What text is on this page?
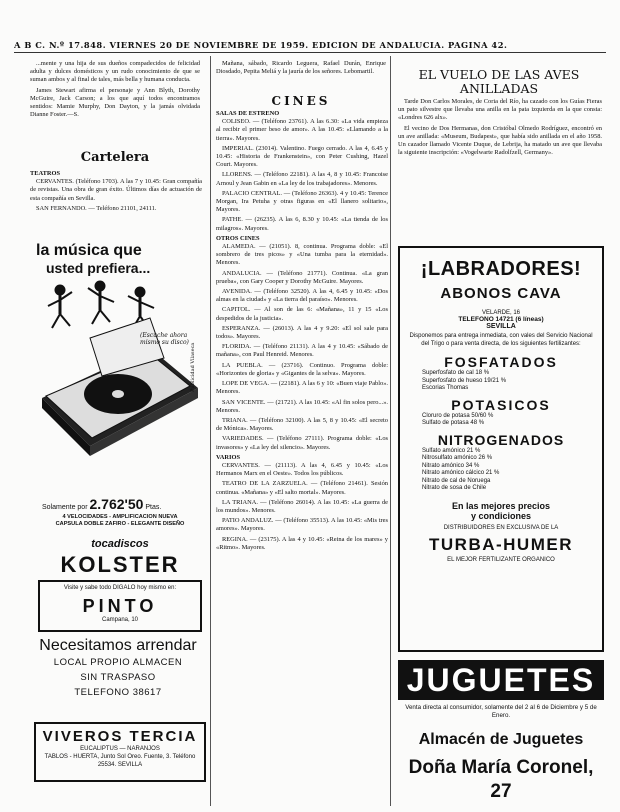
A B C. N.º 17.848. VIERNES 20 DE NOVIEMBRE DE 1959. EDICION DE ANDALUCIA. PAGINA 42.

...mente y una hija de sus dueños compadecidos de felicidad adulta y dulces domésticos y un rudo conocimiento de que se suman ambos y al final de tales, más bella y humana conducta.

James Stewart afirma el personaje y Ann Blyth, Dorothy McGuire, Jack Carson; a los que aquí todos encontramos sentidos: Mamie Murphy, Don Dayton, y la jamás olvidada Dianne Foster.—S.

Cartelera
TEATROS

CERVANTES. (Teléfono 1703). A las 7 y 10.45: Gran compañía de revistas. Una obra de gran éxito. Últimos días de actuación de esta compañía en Sevilla.

SAN FERNANDO. — Teléfono 21101, 24111.

la música que
usted prefiera...
(Escuche ahora mismo su disco)
Publicidad Vilaseca
Solamente por 2.762'50 Ptas.
4 VELOCIDADES - AMPLIFICACION NUEVA
CAPSULA DOBLE ZAFIRO - ELEGANTE DISEÑO
tocadiscos
KOLSTER
Visite y sabe todo DIGALO hoy mismo en:
PINTO
Campana, 10
Necesitamos arrendar
LOCAL PROPIO ALMACEN
SIN TRASPASO
TELEFONO 38617
VIVEROS TERCIA
EUCALIPTUS — NARANJOS
TABLOS - HUERTA, Junto Sol Oreo. Fuente, 3. Teléfono 25534. SEVILLA

Mañana, sábado, Ricardo Leguera, Rafael Durán, Enrique Diosdado, Pepita Meliá y la jauría de los señores. Lebomartil.

CINES
SALAS DE ESTRENO

COLISEO. — (Teléfono 23761). A las 6.30: «La vida empieza al recibir el primer beso de amor». A las 10.45: «Llamando a la tierra». Mayores.

IMPERIAL. (23014). Valentino. Fuego cerrado. A las 4, 6.45 y 10.45: «Historia de Frankenstein», con Peter Cushing, Hazel Court. Mayores.

LLORENS. — (Teléfono 22181). A las 4, 8 y 10.45: Francoise Arnoul y Jean Gabin en «La ley de los trabajadores». Menores.

PALACIO CENTRAL. — (Teléfono 26363). 4 y 10.45: Terence Morgan, Ira Petuha y otras figuras en «El llanero solitario», Mayores.

PATHE. — (26235). A las 6, 8.30 y 10.45: «La tienda de los milagros». Mayores.

OTROS CINES

ALAMEDA. — (21051). 8, continua. Programa doble: «El sombrero de tres picos» y «Una tumba para la eternidad». Menores.

ANDALUCIA. — (Teléfono 21771). Continua. «La gran prueba», con Gary Cooper y Dorothy McGuire. Mayores.

AVENIDA. — (Teléfono 32520). A las 4, 6.45 y 10.45: «Dos almas en la ciudad» y «La tierra del paraíso». Menores.

CAPITOL. — Al son de las 6: «Mañana», 11 y 15 «Los despedidos de la justicia».

ESPERANZA. — (26013). A las 4 y 9.20: «El sol sale para todos». Mayores.

FLORIDA. — (Teléfono 21131). A las 4 y 10.45: «Sábado de mañana», con Paul Henreid. Menores.

LA PUEBLA. — (23716). Continuo. Programa doble: «Horizontes de gloria» y «Gigantes de la selva». Mayores.

LOPE DE VEGA. — (22181). A las 6 y 10: «Buen viaje Pablo». Menores.

SAN VICENTE. — (21721). A las 10.45: «Al fin solos pero...». Menores.

TRIANA. — (Teléfono 32100). A las 5, 8 y 10.45: «El secreto de Mónica». Mayores.

VARIEDADES. — (Teléfono 27111). Programa doble: «Los invasores» y «La ley del silencio». Mayores.

VARIOS

CERVANTES. — (21113). A las 4, 6.45 y 10.45: «Los Hermanos Marx en el Oeste». Todos los públicos.

TEATRO DE LA ZARZUELA. — (Teléfono 21461). Sesión continua. «Mañana» y «El salto mortal». Mayores.

LA TRIANA. — (Teléfono 26014). A las 10.45: «La guerra de los mundos». Menores.

PATIO ANDALUZ. — (Teléfono 35513). A las 10.45: «Mis tres amores». Mayores.

REGINA. — (23175). A las 4 y 10.45: «Reina de los mares» y «Ritmo». Mayores.

EL VUELO DE LAS AVES ANILLADAS

Tarde Don Carlos Morales, de Coria del Río, ha cazado con los Guías Fieras un pato silvestre que llevaba una anilla en la pata izquierda en la que consta: «Londres 626 alx».

El vecino de Dos Hermanas, don Cristóbal Olmedo Rodríguez, encontró en un ave anillada: «Museum, Budapest», que había sido anillada en el año 1958. Un cazador llamado Vicente Duque, de Lebrija, ha matado un ave que llevaba la siguiente inscripción: «Vogelwarte Radolfzell, Germany».

¡LABRADORES!
ABONOS CAVA
VELARDE, 16
TELEFONO 14721 (6 líneas)
SEVILLA
Disponemos para entrega inmediata, con vales del Servicio Nacional del Trigo o para venta directa, de los siguientes fertilizantes:
FOSFATADOS
Superfosfato de cal 18 %
Superfosfato de hueso 19/21 %
Escorias Thomas
POTASICOS
Cloruro de potasa 50/60 %
Sulfato de potasa 48 %
NITROGENADOS
Sulfato amónico 21 %
Nitrosulfato amónico 26 %
Nitrato amónico 34 %
Nitrato amónico cálcico 21 %
Nitrato de cal de Noruega
Nitrato de sosa de Chile
En las mejores precios
y condiciones
DISTRIBUIDORES EN EXCLUSIVA DE LA
TURBA-HUMER
EL MEJOR FERTILIZANTE ORGANICO
JUGUETES
Venta directa al consumidor, solamente del 2 al 6 de Diciembre y 5 de Enero.
Almacén de Juguetes
Doña María Coronel, 27
